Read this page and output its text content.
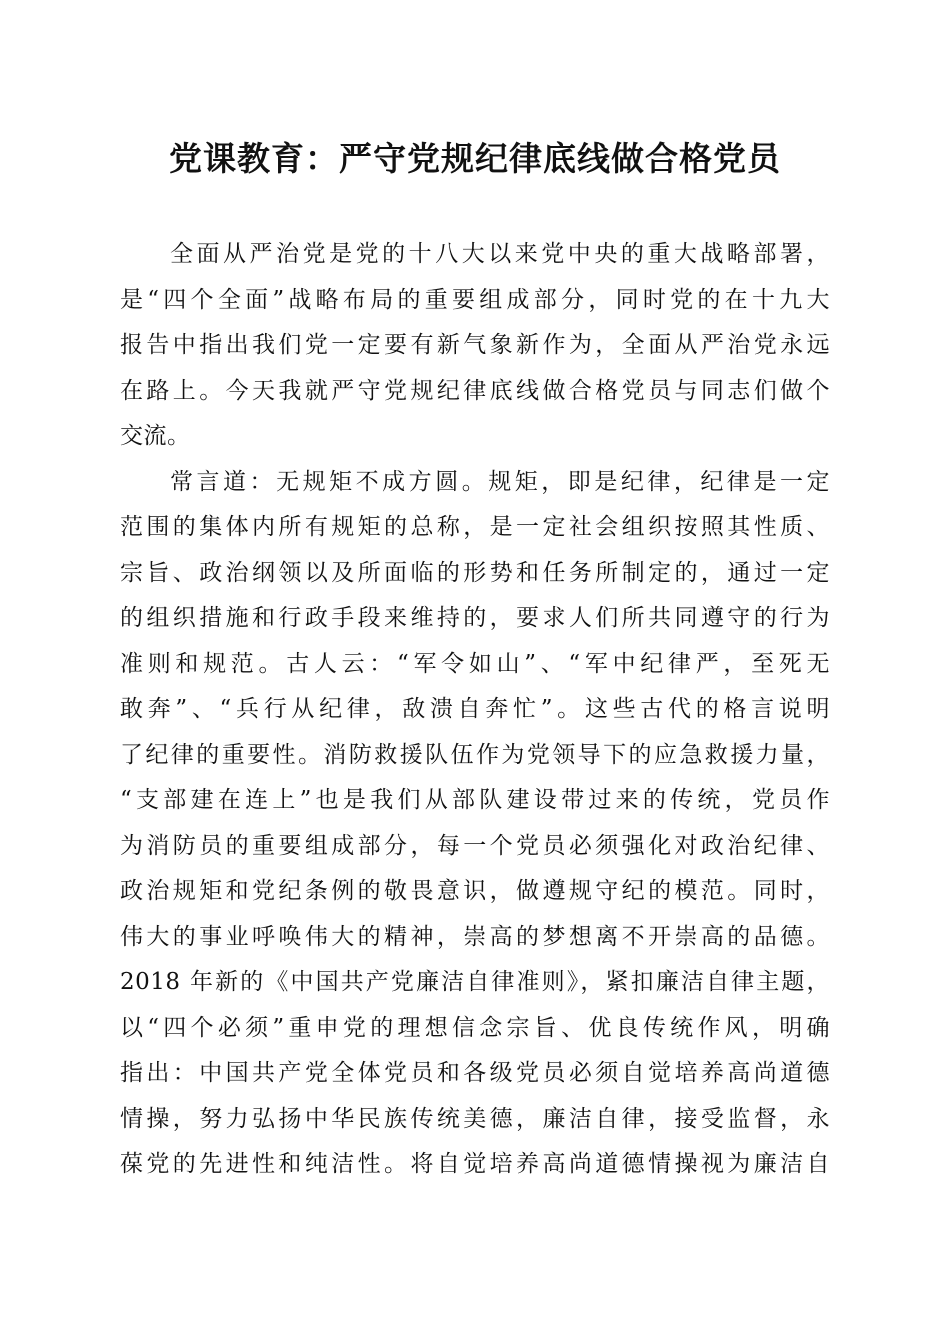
党课教育：严守党规纪律底线做合格党员

全面从严治党是党的十八大以来党中央的重大战略部署，
是“四个全面”战略布局的重要组成部分，同时党的在十九大
报告中指出我们党一定要有新气象新作为，全面从严治党永远
在路上。今天我就严守党规纪律底线做合格党员与同志们做个
交流。

常言道：无规矩不成方圆。规矩，即是纪律，纪律是一定
范围的集体内所有规矩的总称，是一定社会组织按照其性质、
宗旨、政治纲领以及所面临的形势和任务所制定的，通过一定
的组织措施和行政手段来维持的，要求人们所共同遵守的行为
准则和规范。古人云：“军令如山”、“军中纪律严，至死无
敢奔”、“兵行从纪律，敌溃自奔忙”。这些古代的格言说明
了纪律的重要性。消防救援队伍作为党领导下的应急救援力量，
“支部建在连上”也是我们从部队建设带过来的传统，党员作
为消防员的重要组成部分，每一个党员必须强化对政治纪律、
政治规矩和党纪条例的敬畏意识，做遵规守纪的模范。同时，
伟大的事业呼唤伟大的精神，崇高的梦想离不开崇高的品德。
2018 年新的《中国共产党廉洁自律准则》，紧扣廉洁自律主题，
以“四个必须”重申党的理想信念宗旨、优良传统作风，明确
指出：中国共产党全体党员和各级党员必须自觉培养高尚道德
情操，努力弘扬中华民族传统美德，廉洁自律，接受监督，永
葆党的先进性和纯洁性。将自觉培养高尚道德情操视为廉洁自
